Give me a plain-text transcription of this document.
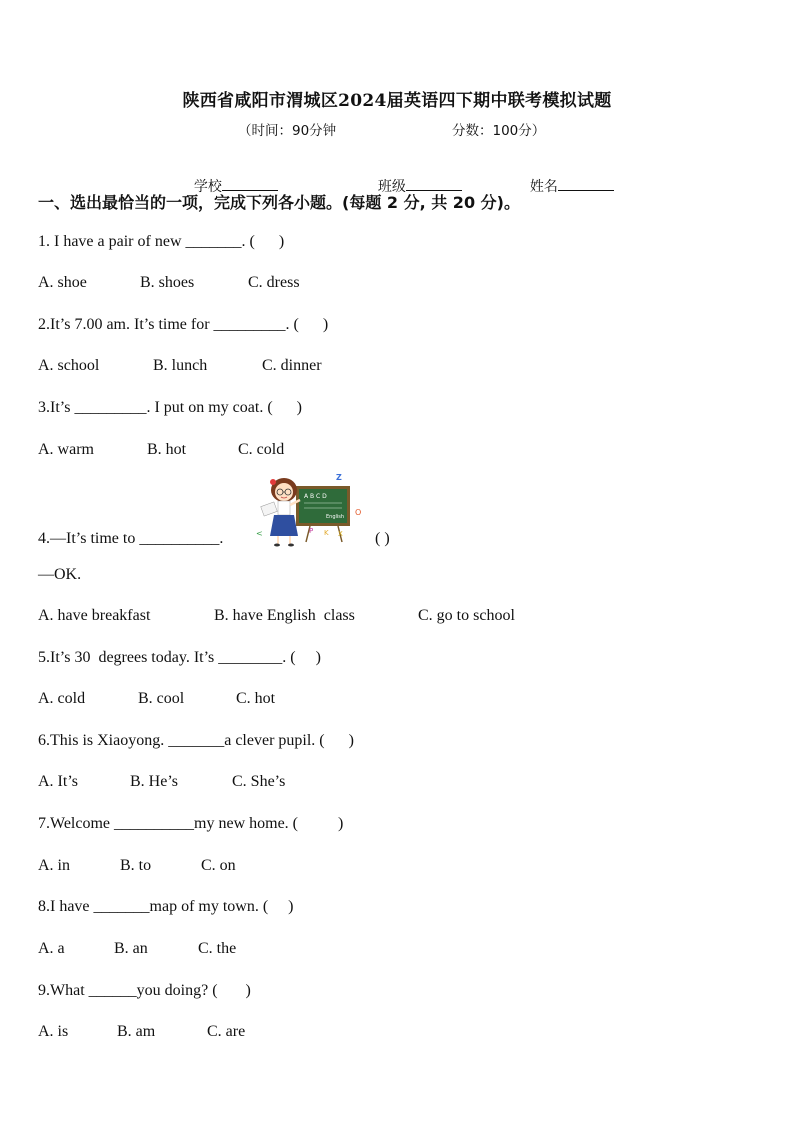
陕西省咸阳市渭城区2024届英语四下期中联考模拟试题
（时间：90分钟	分数：100分）

学校	班级	姓名

一、选出最恰当的一项，完成下列各小题。(每题 2 分, 共 20 分)。
1. I have a pair of new _______. (      )
A. shoe	B. shoes	C. dress
2.It’s 7.00 am. It’s time for _________. (      )
A. school	B. lunch	C. dinner
3.It’s _________. I put on my coat. (      )
A. warm	B. hot	C. cold
A B C D
English
Z
O
P K X
<
4.—It’s time to __________.	( )
—OK.
A. have breakfast	B. have English  class	C. go to school
5.It’s 30  degrees today. It’s ________. (     )
A. cold	B. cool	C. hot
6.This is Xiaoyong. _______a clever pupil. (      )
A. It’s	B. He’s	C. She’s
7.Welcome __________my new home. (          )
A. in	B. to	C. on
8.I have _______map of my town. (     )
A. a	B. an	C. the
9.What ______you doing? (       )
A. is	B. am	C. are
